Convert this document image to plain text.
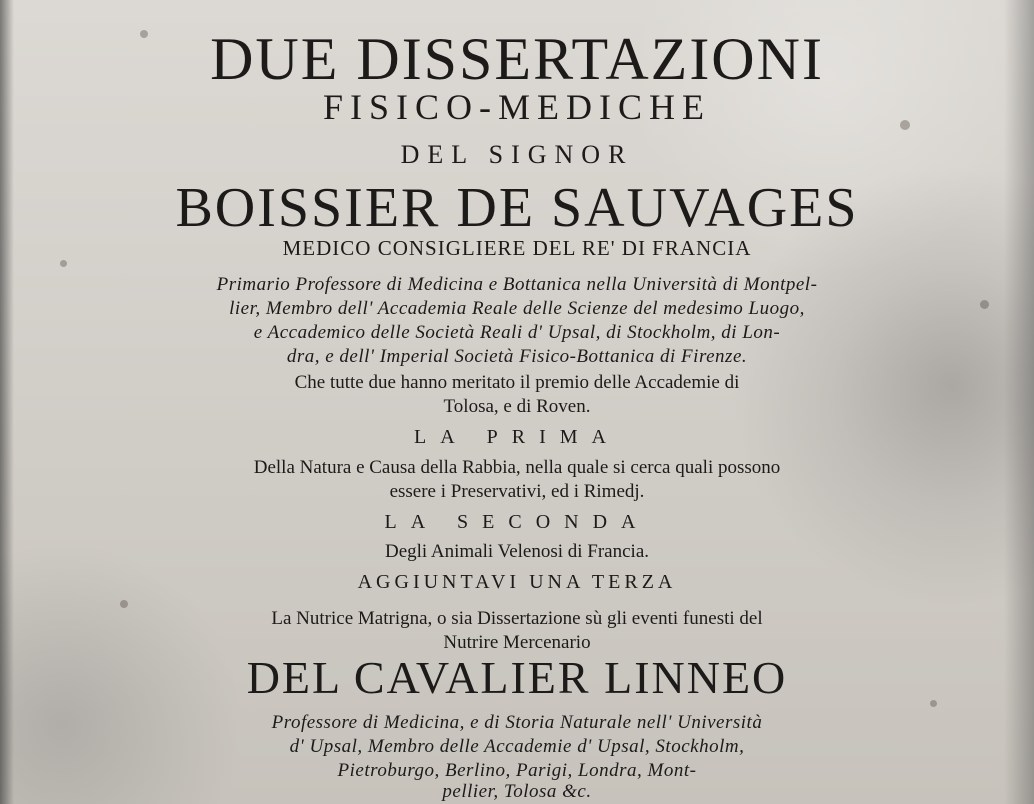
DUE DISSERTAZIONI
FISICO-MEDICHE
DEL SIGNOR
BOISSIER DE SAUVAGES
MEDICO CONSIGLIERE DEL RE' DI FRANCIA
Primario Professore di Medicina e Bottanica nella Università di Montpel-
lier, Membro dell' Accademia Reale delle Scienze del medesimo Luogo,
e Accademico delle Società Reali d' Upsal, di Stockholm, di Lon-
dra, e dell' Imperial Società Fisico-Bottanica di Firenze.
Che tutte due hanno meritato il premio delle Accademie di
Tolosa, e di Roven.
LA PRIMA
Della Natura e Causa della Rabbia, nella quale si cerca quali possono
essere i Preservativi, ed i Rimedj.
LA SECONDA
Degli Animali Velenosi di Francia.
AGGIUNTAVI UNA TERZA
La Nutrice Matrigna, o sia Dissertazione sù gli eventi funesti del
Nutrire Mercenario
DEL CAVALIER LINNEO
Professore di Medicina, e di Storia Naturale nell' Università
d' Upsal, Membro delle Accademie d' Upsal, Stockholm,
Pietroburgo, Berlino, Parigi, Londra, Mont-
pellier, Tolosa &c.
